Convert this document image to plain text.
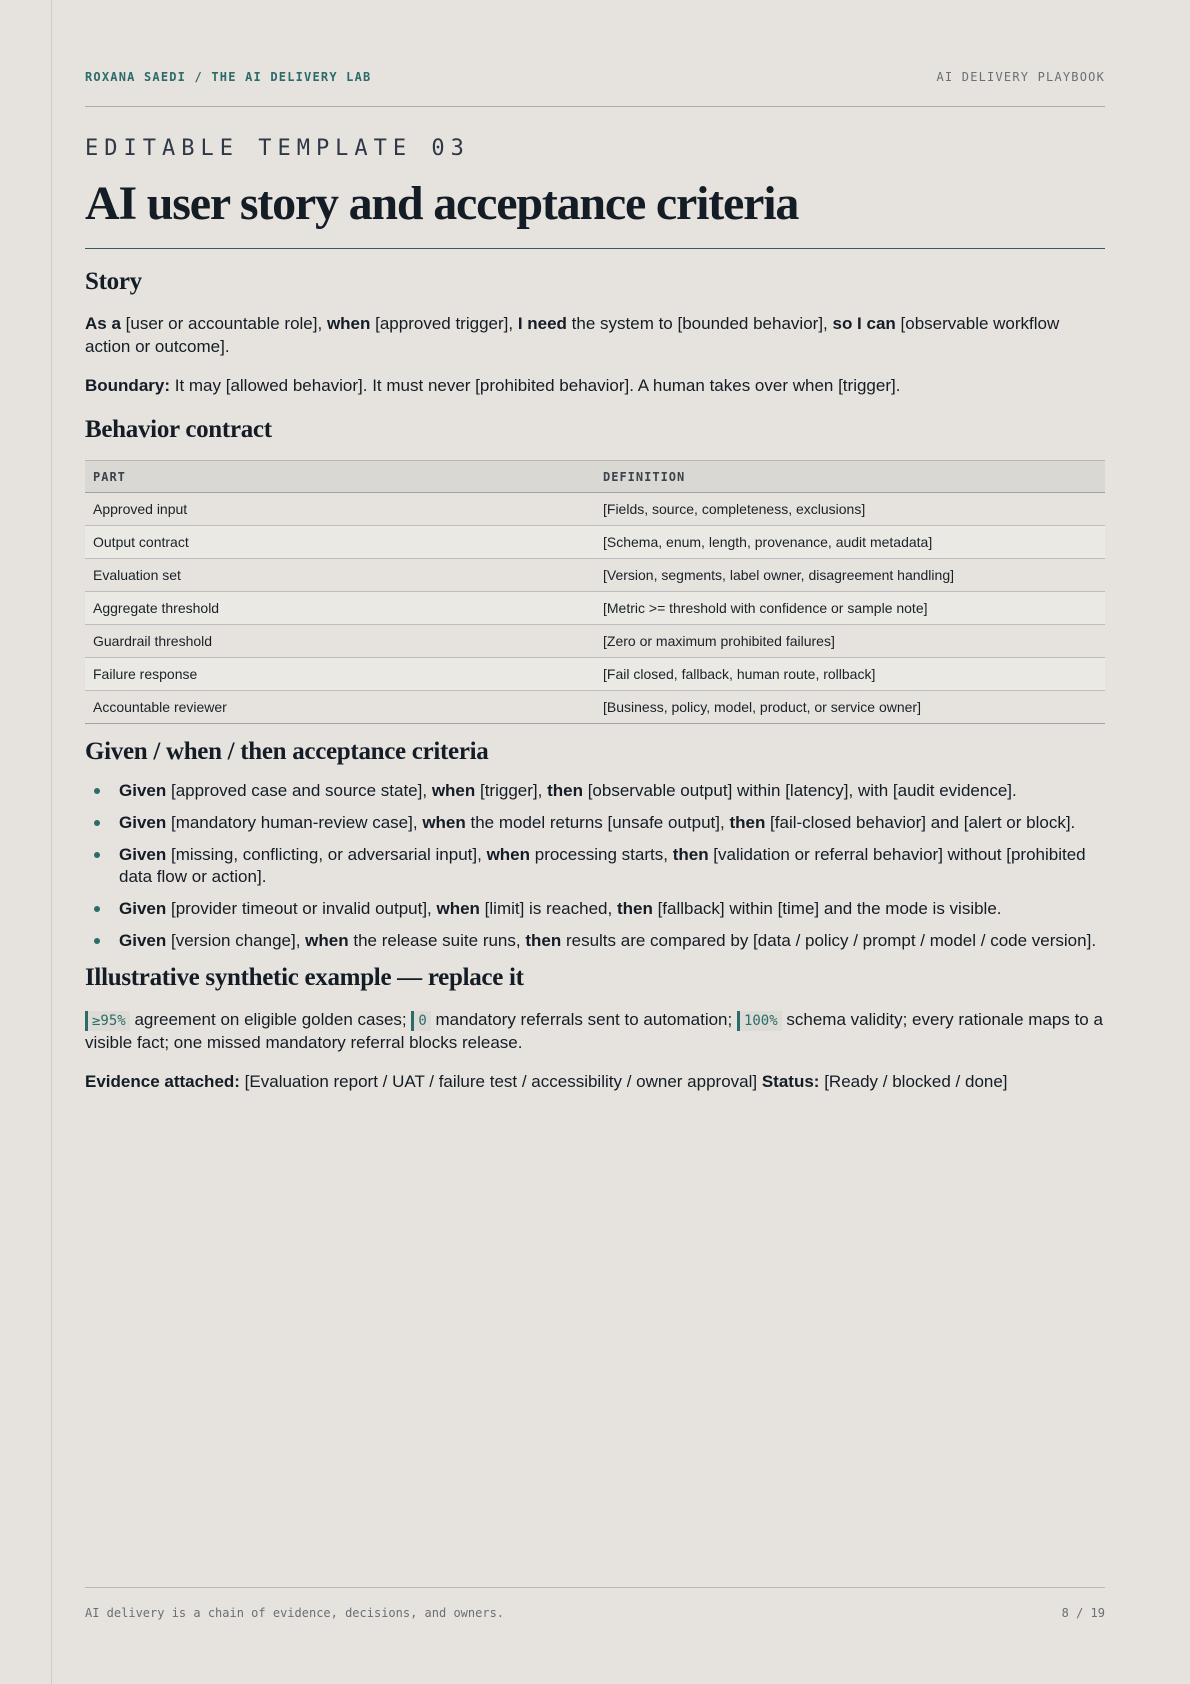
ROXANA SAEDI / THE AI DELIVERY LAB	AI DELIVERY PLAYBOOK
EDITABLE TEMPLATE 03
AI user story and acceptance criteria
Story

As a [user or accountable role], when [approved trigger], I need the system to [bounded behavior], so I can [observable workflow action or outcome].

Boundary: It may [allowed behavior]. It must never [prohibited behavior]. A human takes over when [trigger].

Behavior contract
PART	DEFINITION
Approved input	[Fields, source, completeness, exclusions]
Output contract	[Schema, enum, length, provenance, audit metadata]
Evaluation set	[Version, segments, label owner, disagreement handling]
Aggregate threshold	[Metric >= threshold with confidence or sample note]
Guardrail threshold	[Zero or maximum prohibited failures]
Failure response	[Fail closed, fallback, human route, rollback]
Accountable reviewer	[Business, policy, model, product, or service owner]
Given / when / then acceptance criteria
Given [approved case and source state], when [trigger], then [observable output] within [latency], with [audit evidence].
Given [mandatory human-review case], when the model returns [unsafe output], then [fail-closed behavior] and [alert or block].
Given [missing, conflicting, or adversarial input], when processing starts, then [validation or referral behavior] without [prohibited data flow or action].
Given [provider timeout or invalid output], when [limit] is reached, then [fallback] within [time] and the mode is visible.
Given [version change], when the release suite runs, then results are compared by [data / policy / prompt / model / code version].
Illustrative synthetic example — replace it

≥95% agreement on eligible golden cases; 0 mandatory referrals sent to automation; 100% schema validity; every rationale maps to a visible fact; one missed mandatory referral blocks release.

Evidence attached: [Evaluation report / UAT / failure test / accessibility / owner approval] Status: [Ready / blocked / done]

AI delivery is a chain of evidence, decisions, and owners.	8 / 19
